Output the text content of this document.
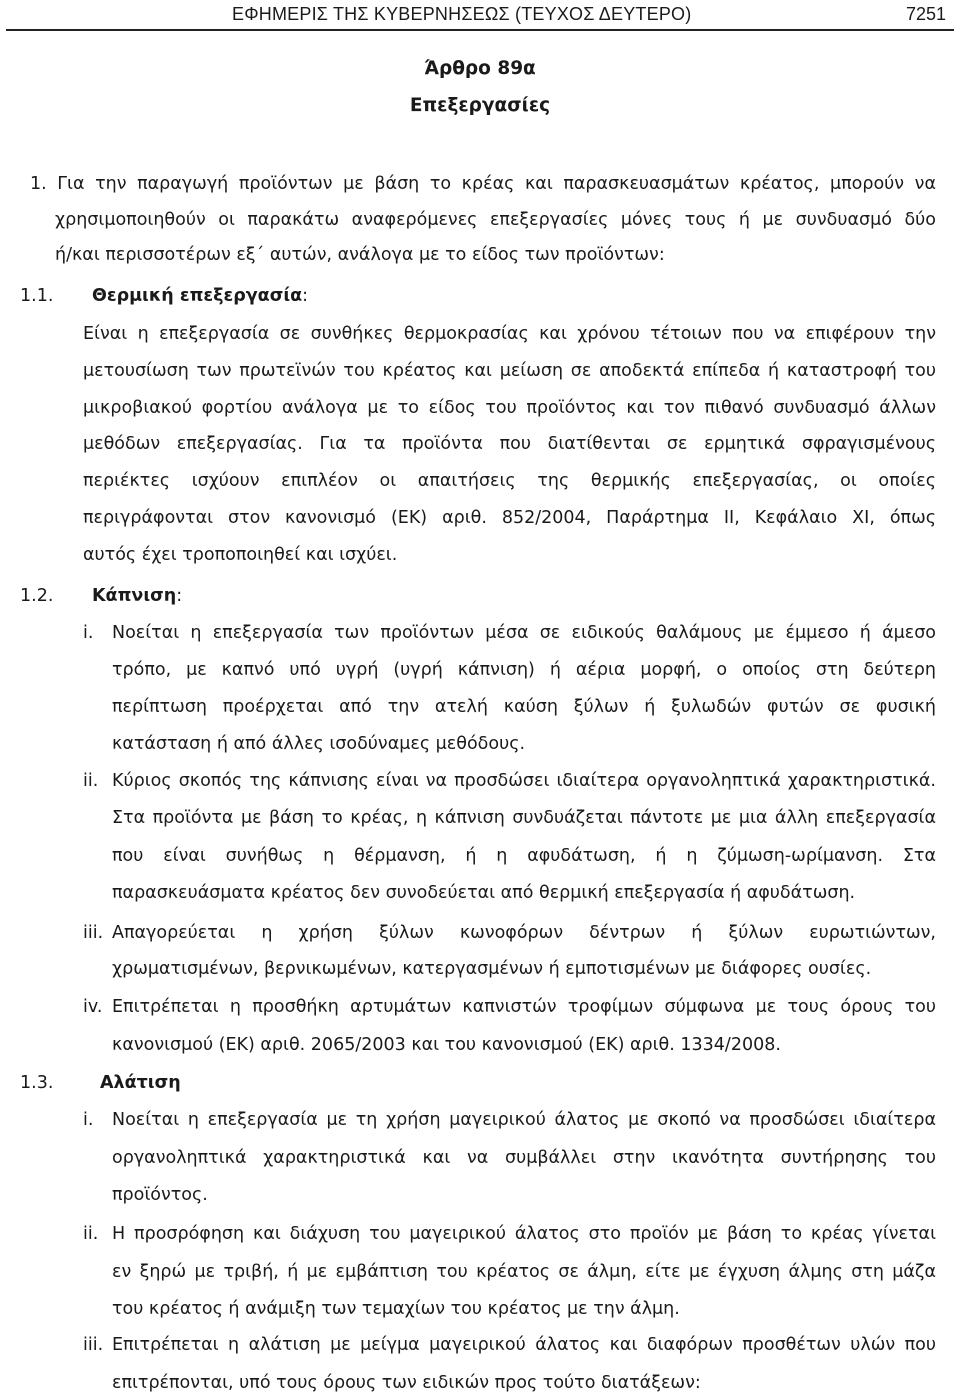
ΕΦΗΜΕΡΙΣ ΤΗΣ ΚΥΒΕΡΝΗΣΕΩΣ (ΤΕΥΧΟΣ ΔΕΥΤΕΡΟ)	7251
Άρθρο 89α
Επεξεργασίες
1. Για την παραγωγή προϊόντων με βάση το κρέας και παρασκευασμάτων κρέατος, μπορούν να
χρησιμοποιηθούν οι παρακάτω αναφερόμενες επεξεργασίες μόνες τους ή με συνδυασμό δύο
ή/και περισσοτέρων εξ΄ αυτών, ανάλογα με το είδος των προϊόντων:
1.1. Θερμική επεξεργασία:
Είναι η επεξεργασία σε συνθήκες θερμοκρασίας και χρόνου τέτοιων που να επιφέρουν την
μετουσίωση των πρωτεϊνών του κρέατος και μείωση σε αποδεκτά επίπεδα ή καταστροφή του
μικροβιακού φορτίου ανάλογα με το είδος του προϊόντος και τον πιθανό συνδυασμό άλλων
μεθόδων επεξεργασίας. Για τα προϊόντα που διατίθενται σε ερμητικά σφραγισμένους
περιέκτες ισχύουν επιπλέον οι απαιτήσεις της θερμικής επεξεργασίας, οι οποίες
περιγράφονται στον κανονισμό (ΕΚ) αριθ. 852/2004, Παράρτημα ΙΙ, Κεφάλαιο ΧΙ, όπως
αυτός έχει τροποποιηθεί και ισχύει.
1.2. Κάπνιση:
i. Νοείται η επεξεργασία των προϊόντων μέσα σε ειδικούς θαλάμους με έμμεσο ή άμεσο
τρόπο, με καπνό υπό υγρή (υγρή κάπνιση) ή αέρια μορφή, ο οποίος στη δεύτερη
περίπτωση προέρχεται από την ατελή καύση ξύλων ή ξυλωδών φυτών σε φυσική
κατάσταση ή από άλλες ισοδύναμες μεθόδους.
ii. Κύριος σκοπός της κάπνισης είναι να προσδώσει ιδιαίτερα οργανοληπτικά χαρακτηριστικά.
Στα προϊόντα με βάση το κρέας, η κάπνιση συνδυάζεται πάντοτε με μια άλλη επεξεργασία
που είναι συνήθως η θέρμανση, ή η αφυδάτωση, ή η ζύμωση-ωρίμανση. Στα
παρασκευάσματα κρέατος δεν συνοδεύεται από θερμική επεξεργασία ή αφυδάτωση.
iii. Απαγορεύεται η χρήση ξύλων κωνοφόρων δέντρων ή ξύλων ευρωτιώντων,
χρωματισμένων, βερνικωμένων, κατεργασμένων ή εμποτισμένων με διάφορες ουσίες.
iv. Επιτρέπεται η προσθήκη αρτυμάτων καπνιστών τροφίμων σύμφωνα με τους όρους του
κανονισμού (ΕΚ) αριθ. 2065/2003 και του κανονισμού (ΕΚ) αριθ. 1334/2008.
1.3.	Αλάτιση
i. Νοείται η επεξεργασία με τη χρήση μαγειρικού άλατος με σκοπό να προσδώσει ιδιαίτερα
οργανοληπτικά χαρακτηριστικά και να συμβάλλει στην ικανότητα συντήρησης του
προϊόντος.
ii. Η προσρόφηση και διάχυση του μαγειρικού άλατος στο προϊόν με βάση το κρέας γίνεται
εν ξηρώ με τριβή, ή με εμβάπτιση του κρέατος σε άλμη, είτε με έγχυση άλμης στη μάζα
του κρέατος ή ανάμιξη των τεμαχίων του κρέατος με την άλμη.
iii. Επιτρέπεται η αλάτιση με μείγμα μαγειρικού άλατος και διαφόρων προσθέτων υλών που
επιτρέπονται, υπό τους όρους των ειδικών προς τούτο διατάξεων:
